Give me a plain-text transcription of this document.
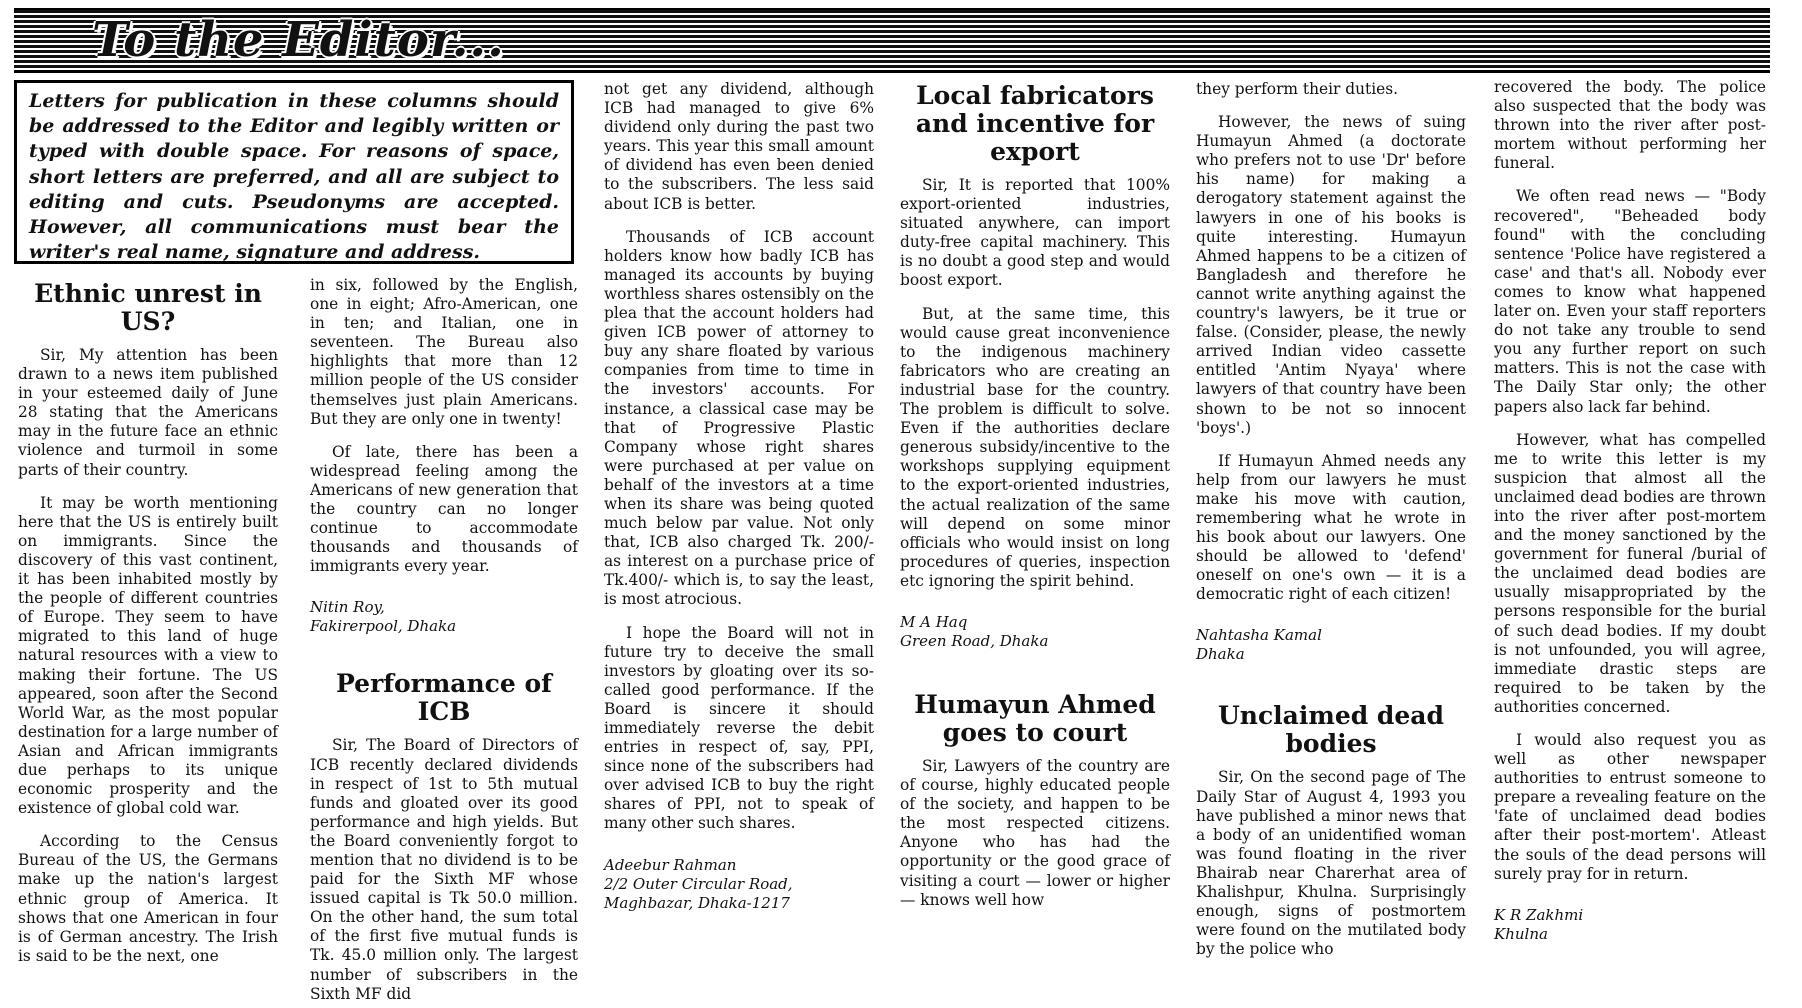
To the Editor...
Letters for publication in these columns should be addressed to the Editor and legibly written or typed with double space. For reasons of space, short letters are preferred, and all are subject to editing and cuts. Pseudonyms are accepted. However, all communications must bear the writer's real name, signature and address.
Ethnic unrest in US?

Sir, My attention has been drawn to a news item published in your esteemed daily of June 28 stating that the Americans may in the future face an ethnic violence and turmoil in some parts of their country.

It may be worth mentioning here that the US is entirely built on immigrants. Since the discovery of this vast continent, it has been inhabited mostly by the people of different countries of Europe. They seem to have migrated to this land of huge natural resources with a view to making their fortune. The US appeared, soon after the Second World War, as the most popular destination for a large number of Asian and African immigrants due perhaps to its unique economic prosperity and the existence of global cold war.

According to the Census Bureau of the US, the Germans make up the nation's largest ethnic group of America. It shows that one American in four is of German ancestry. The Irish is said to be the next, one

in six, followed by the English, one in eight; Afro-American, one in ten; and Italian, one in seventeen. The Bureau also highlights that more than 12 million people of the US consider themselves just plain Americans. But they are only one in twenty!

Of late, there has been a widespread feeling among the Americans of new generation that the country can no longer continue to accommodate thousands and thousands of immigrants every year.

Nitin Roy,
Fakirerpool, Dhaka
Performance of ICB

Sir, The Board of Directors of ICB recently declared dividends in respect of 1st to 5th mutual funds and gloated over its good performance and high yields. But the Board conveniently forgot to mention that no dividend is to be paid for the Sixth MF whose issued capital is Tk 50.0 million. On the other hand, the sum total of the first five mutual funds is Tk. 45.0 million only. The largest number of subscribers in the Sixth MF did

not get any dividend, although ICB had managed to give 6% dividend only during the past two years. This year this small amount of dividend has even been denied to the subscribers. The less said about ICB is better.

Thousands of ICB account holders know how badly ICB has managed its accounts by buying worthless shares ostensibly on the plea that the account holders had given ICB power of attorney to buy any share floated by various companies from time to time in the investors' accounts. For instance, a classical case may be that of Progressive Plastic Company whose right shares were purchased at per value on behalf of the investors at a time when its share was being quoted much below par value. Not only that, ICB also charged Tk. 200/- as interest on a purchase price of Tk.400/- which is, to say the least, is most atrocious.

I hope the Board will not in future try to deceive the small investors by gloating over its so-called good performance. If the Board is sincere it should immediately reverse the debit entries in respect of, say, PPI, since none of the subscribers had over advised ICB to buy the right shares of PPI, not to speak of many other such shares.

Adeebur Rahman
2/2 Outer Circular Road,
Maghbazar, Dhaka-1217
Local fabricators and incentive for export

Sir, It is reported that 100% export-oriented industries, situated anywhere, can import duty-free capital machinery. This is no doubt a good step and would boost export.

But, at the same time, this would cause great inconvenience to the indigenous machinery fabricators who are creating an industrial base for the country. The problem is difficult to solve. Even if the authorities declare generous subsidy/incentive to the workshops supplying equipment to the export-oriented industries, the actual realization of the same will depend on some minor officials who would insist on long procedures of queries, inspection etc ignoring the spirit behind.

M A Haq
Green Road, Dhaka
Humayun Ahmed goes to court

Sir, Lawyers of the country are of course, highly educated people of the society, and happen to be the most respected citizens. Anyone who has had the opportunity or the good grace of visiting a court — lower or higher — knows well how

they perform their duties.

However, the news of suing Humayun Ahmed (a doctorate who prefers not to use 'Dr' before his name) for making a derogatory statement against the lawyers in one of his books is quite interesting. Humayun Ahmed happens to be a citizen of Bangladesh and therefore he cannot write anything against the country's lawyers, be it true or false. (Consider, please, the newly arrived Indian video cassette entitled 'Antim Nyaya' where lawyers of that country have been shown to be not so innocent 'boys'.)

If Humayun Ahmed needs any help from our lawyers he must make his move with caution, remembering what he wrote in his book about our lawyers. One should be allowed to 'defend' oneself on one's own — it is a democratic right of each citizen!

Nahtasha Kamal
Dhaka
Unclaimed dead bodies

Sir, On the second page of The Daily Star of August 4, 1993 you have published a minor news that a body of an unidentified woman was found floating in the river Bhairab near Charerhat area of Khalishpur, Khulna. Surprisingly enough, signs of postmortem were found on the mutilated body by the police who

recovered the body. The police also suspected that the body was thrown into the river after post-mortem without performing her funeral.

We often read news — "Body recovered", "Beheaded body found" with the concluding sentence 'Police have registered a case' and that's all. Nobody ever comes to know what happened later on. Even your staff reporters do not take any trouble to send you any further report on such matters. This is not the case with The Daily Star only; the other papers also lack far behind.

However, what has compelled me to write this letter is my suspicion that almost all the unclaimed dead bodies are thrown into the river after post-mortem and the money sanctioned by the government for funeral /burial of the unclaimed dead bodies are usually misappropriated by the persons responsible for the burial of such dead bodies. If my doubt is not unfounded, you will agree, immediate drastic steps are required to be taken by the authorities concerned.

I would also request you as well as other newspaper authorities to entrust someone to prepare a revealing feature on the 'fate of unclaimed dead bodies after their post-mortem'. Atleast the souls of the dead persons will surely pray for in return.

K R Zakhmi
Khulna
